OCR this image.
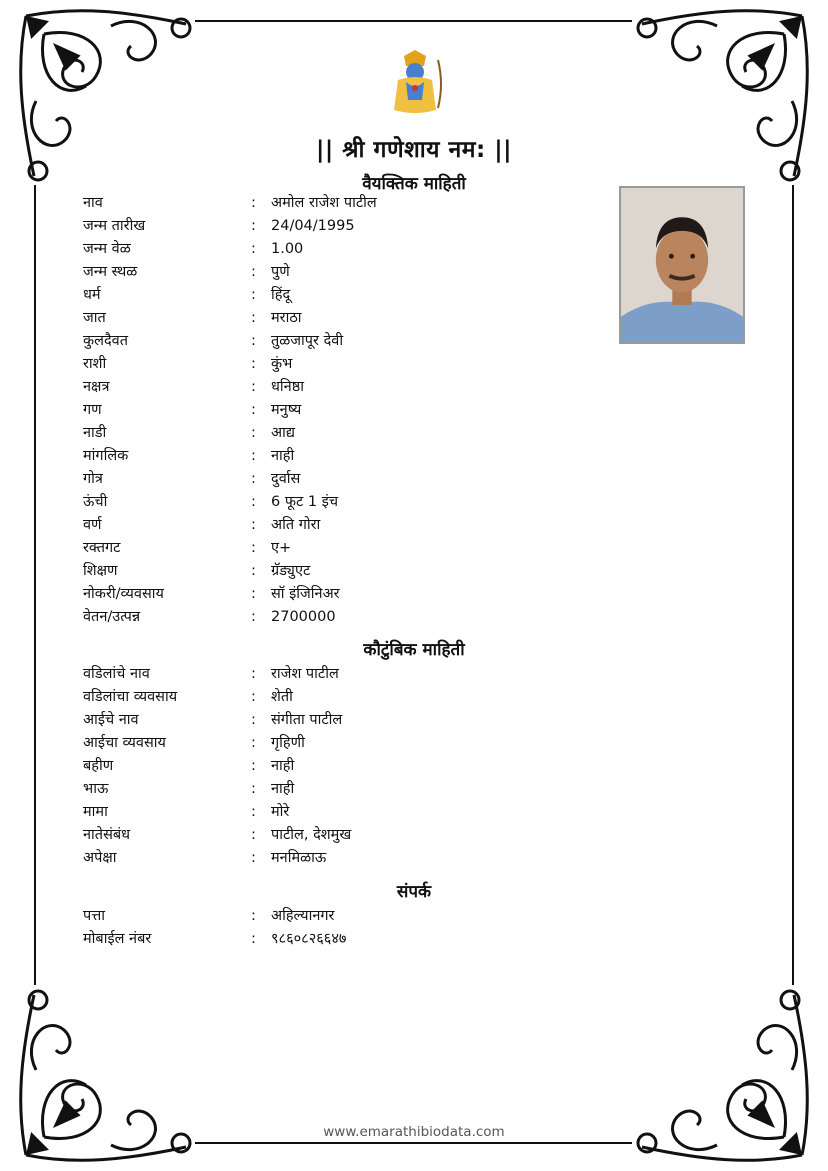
|| श्री गणेशाय नम: ||
वैयक्तिक माहिती
नाव	:	अमोल राजेश पाटील
जन्म तारीख	:	24/04/1995
जन्म वेळ	:	1.00
जन्म स्थळ	:	पुणे
धर्म	:	हिंदू
जात	:	मराठा
कुलदैवत	:	तुळजापूर देवी
राशी	:	कुंभ
नक्षत्र	:	धनिष्ठा
गण	:	मनुष्य
नाडी	:	आद्य
मांगलिक	:	नाही
गोत्र	:	दुर्वास
ऊंची	:	6 फूट 1 इंच
वर्ण	:	अति गोरा
रक्तगट	:	ए+
शिक्षण	:	ग्रॅड्युएट
नोकरी/व्यवसाय	:	सॉ इंजिनिअर
वेतन/उत्पन्न	:	2700000
कौटुंबिक माहिती
वडिलांचे नाव	:	राजेश पाटील
वडिलांचा व्यवसाय	:	शेती
आईचे नाव	:	संगीता पाटील
आईचा व्यवसाय	:	गृहिणी
बहीण	:	नाही
भाऊ	:	नाही
मामा	:	मोरे
नातेसंबंध	:	पाटील, देशमुख
अपेक्षा	:	मनमिळाऊ
संपर्क
पत्ता	:	अहिल्यानगर
मोबाईल नंबर	:	९८६०८२६६४७
www.emarathibiodata.com
